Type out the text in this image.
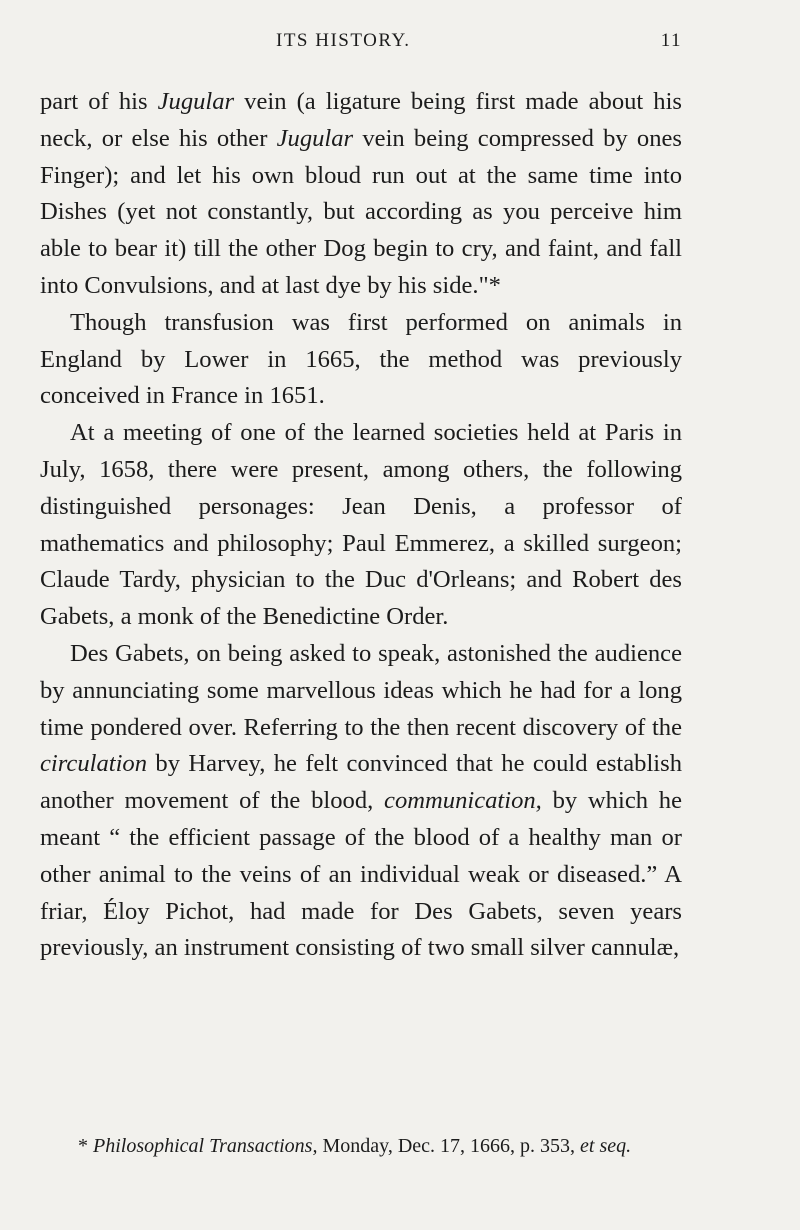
ITS HISTORY.	11

part of his Jugular vein (a ligature being first made about his neck, or else his other Jugular vein being compressed by ones Finger); and let his own bloud run out at the same time into Dishes (yet not constantly, but according as you perceive him able to bear it) till the other Dog begin to cry, and faint, and fall into Convulsions, and at last dye by his side."*

Though transfusion was first performed on animals in England by Lower in 1665, the method was previously conceived in France in 1651.

At a meeting of one of the learned societies held at Paris in July, 1658, there were present, among others, the following distinguished personages: Jean Denis, a professor of mathematics and philosophy; Paul Emmerez, a skilled surgeon; Claude Tardy, physician to the Duc d'Orleans; and Robert des Gabets, a monk of the Benedictine Order.

Des Gabets, on being asked to speak, astonished the audience by annunciating some marvellous ideas which he had for a long time pondered over. Referring to the then recent discovery of the circulation by Harvey, he felt convinced that he could establish another movement of the blood, communication, by which he meant “ the efficient passage of the blood of a healthy man or other animal to the veins of an individual weak or diseased.” A friar, Éloy Pichot, had made for Des Gabets, seven years previously, an instrument consisting of two small silver cannulæ,

* Philosophical Transactions, Monday, Dec. 17, 1666, p. 353, et seq.
